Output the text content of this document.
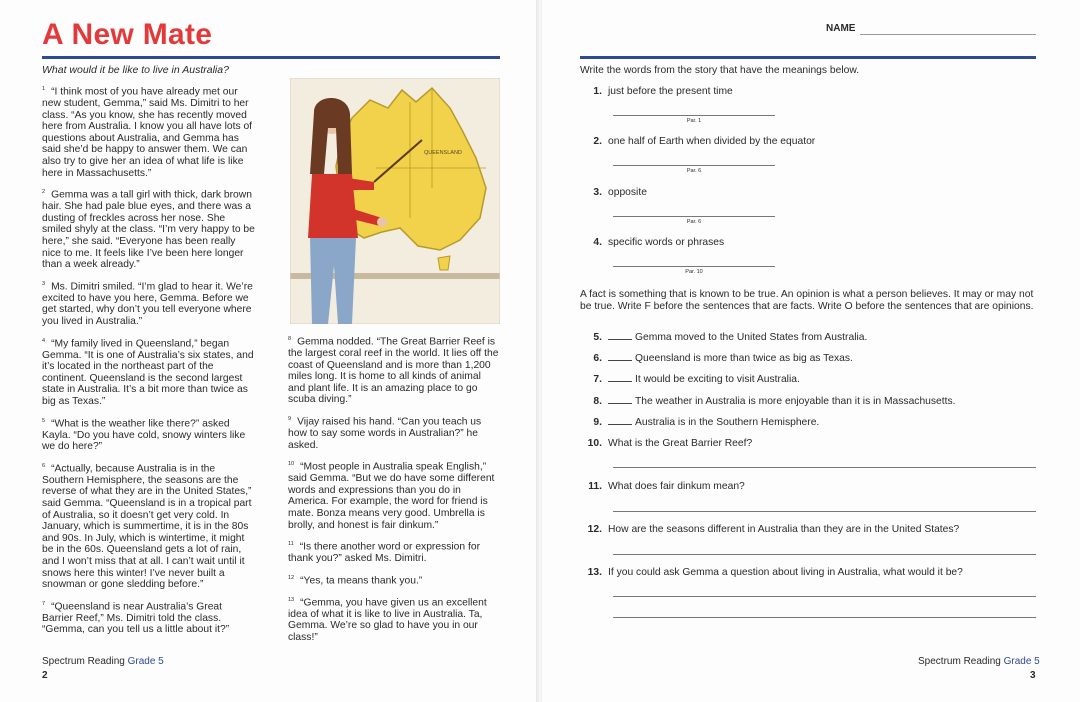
A New Mate
What would it be like to live in Australia?

$^1$ “I think most of you have already met our new student, Gemma,” said Ms. Dimitri to her class. “As you know, she has recently moved here from Australia. I know you all have lots of questions about Australia, and Gemma has said she’d be happy to answer them. We can also try to give her an idea of what life is like here in Massachusetts.”

$^2$ Gemma was a tall girl with thick, dark brown hair. She had pale blue eyes, and there was a dusting of freckles across her nose. She smiled shyly at the class. “I’m very happy to be here,” she said. “Everyone has been really nice to me. It feels like I’ve been here longer than a week already.”

$^3$ Ms. Dimitri smiled. “I’m glad to hear it. We’re excited to have you here, Gemma. Before we get started, why don’t you tell everyone where you lived in Australia.”

$^4$ “My family lived in Queensland,” began Gemma. “It is one of Australia’s six states, and it’s located in the northeast part of the continent. Queensland is the second largest state in Australia. It’s a bit more than twice as big as Texas.”

$^5$ “What is the weather like there?” asked Kayla. “Do you have cold, snowy winters like we do here?”

$^6$ “Actually, because Australia is in the Southern Hemisphere, the seasons are the reverse of what they are in the United States,” said Gemma. “Queensland is in a tropical part of Australia, so it doesn’t get very cold. In January, which is summertime, it is in the 80s and 90s. In July, which is wintertime, it might be in the 60s. Queensland gets a lot of rain, and I won’t miss that at all. I can’t wait until it snows here this winter! I’ve never built a snowman or gone sledding before.”

$^7$ “Queensland is near Australia’s Great Barrier Reef,” Ms. Dimitri told the class. “Gemma, can you tell us a little about it?”

QUEENSLAND

$^8$ Gemma nodded. “The Great Barrier Reef is the largest coral reef in the world. It lies off the coast of Queensland and is more than 1,200 miles long. It is home to all kinds of animal and plant life. It is an amazing place to go scuba diving.”

$^9$ Vijay raised his hand. “Can you teach us how to say some words in Australian?” he asked.

$^{10}$ “Most people in Australia speak English,” said Gemma. “But we do have some different words and expressions than you do in America. For example, the word for friend is mate. Bonza means very good. Umbrella is brolly, and honest is fair dinkum.”

$^{11}$ “Is there another word or expression for thank you?” asked Ms. Dimitri.

$^{12}$ “Yes, ta means thank you.”

$^{13}$ “Gemma, you have given us an excellent idea of what it is like to live in Australia. Ta, Gemma. We’re so glad to have you in our class!”

Spectrum Reading Grade 5
2
NAME
Write the words from the story that have the meanings below.
1. just before the present time
Par. 1
2. one half of Earth when divided by the equator
Par. 6
3. opposite
Par. 6
4. specific words or phrases
Par. 10
A fact is something that is known to be true. An opinion is what a person believes. It may or may not be true. Write F before the sentences that are facts. Write O before the sentences that are opinions.
5.	Gemma moved to the United States from Australia.
6.	Queensland is more than twice as big as Texas.
7.	It would be exciting to visit Australia.
8.	The weather in Australia is more enjoyable than it is in Massachusetts.
9.	Australia is in the Southern Hemisphere.
10. What is the Great Barrier Reef?
11. What does fair dinkum mean?
12. How are the seasons different in Australia than they are in the United States?
13. If you could ask Gemma a question about living in Australia, what would it be?
Spectrum Reading Grade 5
3
